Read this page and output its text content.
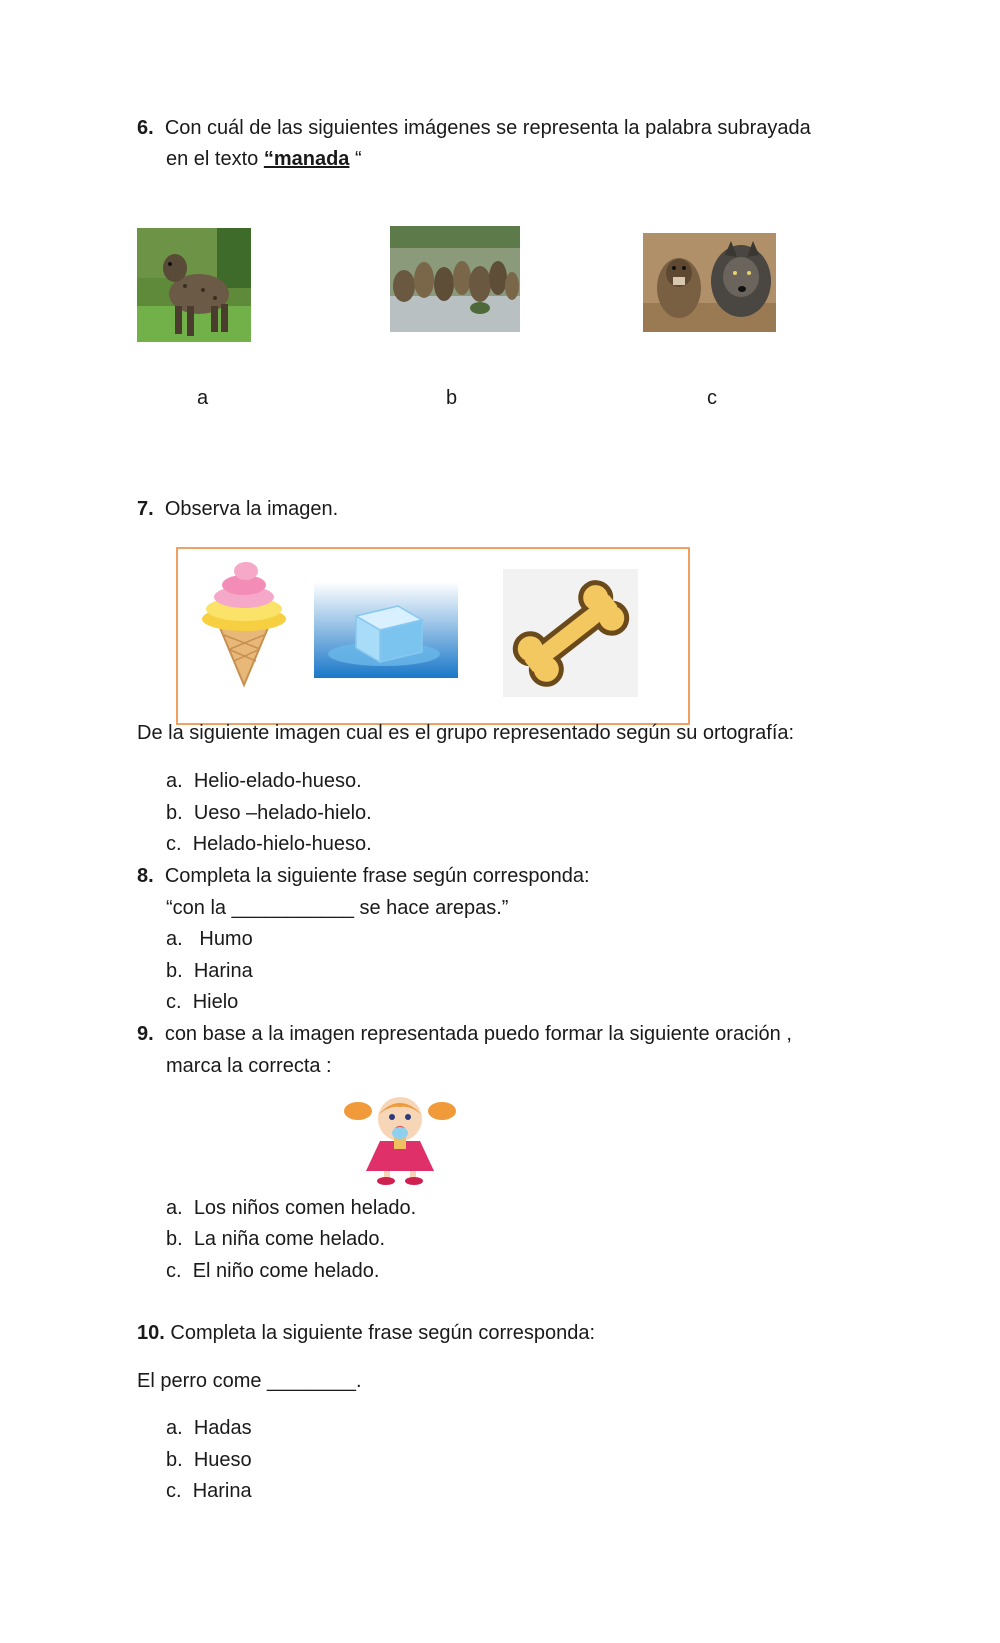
6. Con cuál de las siguientes imágenes se representa la palabra subrayada
en el texto “manada “
a	b	c
7. Observa la imagen.
De la siguiente imagen cual es el grupo representado según su ortografía:
a. Helio-elado-hueso.
b. Ueso –helado-hielo.
c. Helado-hielo-hueso.
8. Completa la siguiente frase según corresponda:
“con la ___________ se hace arepas.”
a.   Humo
b. Harina
c. Hielo
9. con base a la imagen representada puedo formar la siguiente oración ,
marca la correcta :
a. Los niños comen helado.
b. La niña come helado.
c. El niño come helado.
10. Completa la siguiente frase según corresponda:
El perro come ________.
a. Hadas
b. Hueso
c. Harina
